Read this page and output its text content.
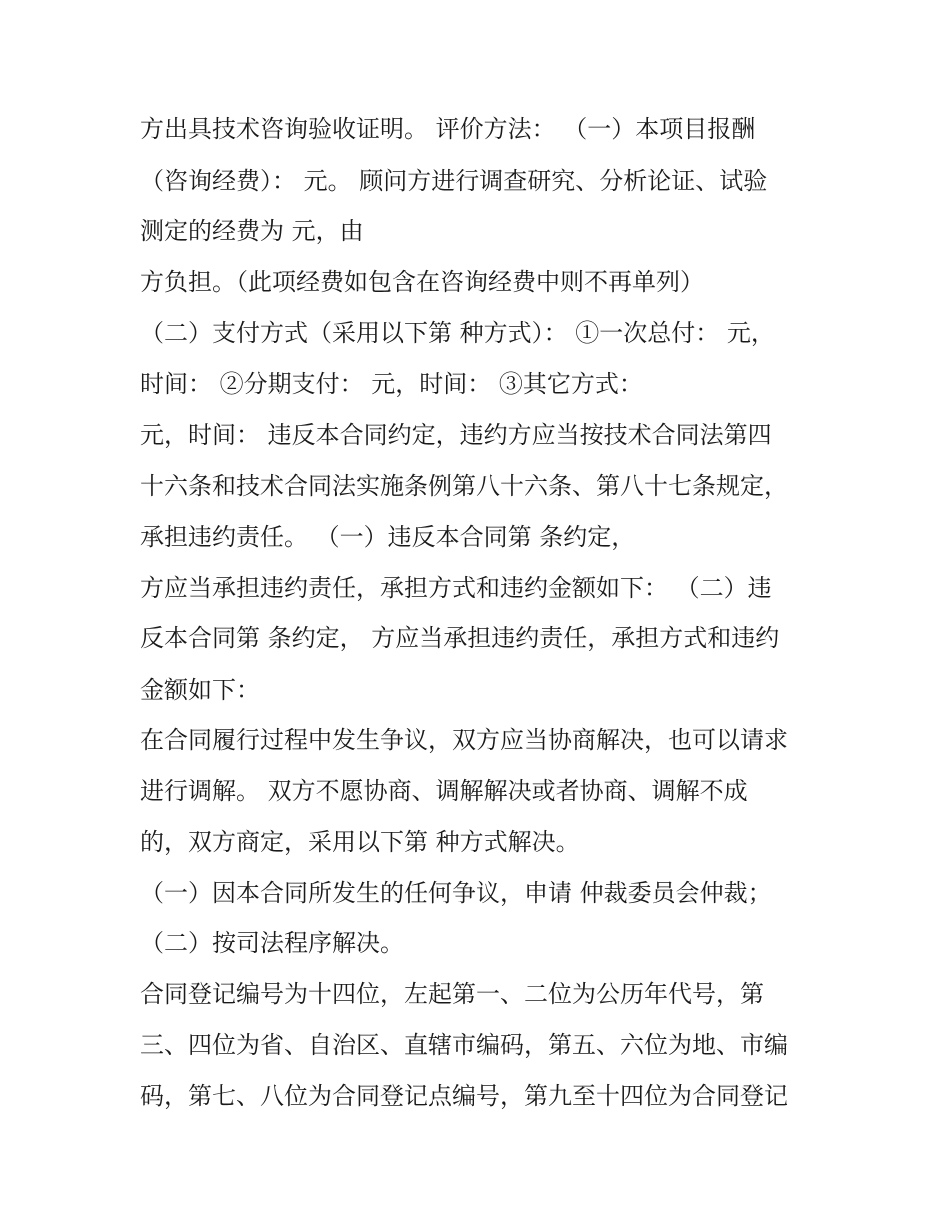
方出具技术咨询验收证明。 评价方法： （一）本项目报酬

（咨询经费）： 元。 顾问方进行调查研究、分析论证、试验

测定的经费为 元，由

方负担。（此项经费如包含在咨询经费中则不再单列）

（二）支付方式（采用以下第 种方式）： ①一次总付： 元，

时间： ②分期支付： 元，时间： ③其它方式：

元，时间： 违反本合同约定，违约方应当按技术合同法第四

十六条和技术合同法实施条例第八十六条、第八十七条规定，

承担违约责任。 （一）违反本合同第 条约定，

方应当承担违约责任，承担方式和违约金额如下： （二）违

反本合同第 条约定， 方应当承担违约责任，承担方式和违约

金额如下：

在合同履行过程中发生争议，双方应当协商解决，也可以请求

进行调解。 双方不愿协商、调解解决或者协商、调解不成

的，双方商定，采用以下第 种方式解决。

（一）因本合同所发生的任何争议，申请 仲裁委员会仲裁；

（二）按司法程序解决。

合同登记编号为十四位，左起第一、二位为公历年代号，第

三、四位为省、自治区、直辖市编码，第五、六位为地、市编

码，第七、八位为合同登记点编号，第九至十四位为合同登记
